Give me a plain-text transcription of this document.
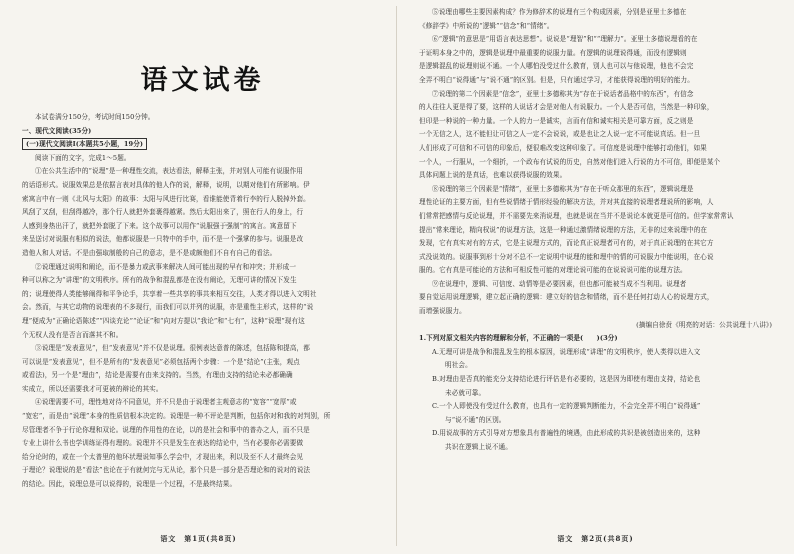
语文试卷
本试卷满分150分，考试时间150分钟。
一、现代文阅读(35分)
(一)现代文阅读Ⅰ(本题共5小题，19分)
阅读下面的文字，完成1～5题。
①在公共生活中的“说理”是一种理性交流，表达看法，解释主张，并对别人可能有说服作用
的话语形式。说服效果总是依据言表对具体的他人作的说，解释，说明，以期对他们有所影响。伊
索寓言中有一则《北风与太阳》的故事：太阳与风进行比赛，看谁能使背着行李的行人脱掉外套。
风刮了又刮，但刮得越冷，那个行人就把外套裹得越紧。然后太阳出来了，照在行人的身上，行
人感到身热出汗了，就把外套脱了下来。这个故事可以用作“说服强于强制”的寓言。寓意留下
来呈送讨对说服有相似的说法，他都说服是一只特中的手中，而不是一个强掌的参与。说服是改
造他人和人对话。不是由强取制般的自己的意志，是不是或颇他们不自有自己的看法。
②说理通过说明和阐论，而不是暴力或武事来解决人间可能出现的早有和冲突；并形成一
种可以称之为“讲理”的文明秩序。所有的战争和混乱都是在没有阐论，无理可讲的情况下发生
的；说理使得人类能够阐得和平争论手，共享着一些共享的事共来相互交往，人类才得以进入文明社
会。然而，与其它动物的说理表的不多现行，而我们可以并列的说服，亦是重性主形式，这样的“说
理”便成为“正确论语陈述”“四谈充论”“论证”和“向对方提以“我论”和“七有”，这种“说理”现有这
个无权人没有是否言而落其不和。
③说理是“发表意见”，但“发表意见”并不仅是说理。很例表达意普的陈述，包括陈和提高，都
可以说是“发表意见”，但不是所有的“发表意见”必须包括两个步骤：一个是“结论”(主张，观点
或看法)，另一个是“理由”，结论是需要有由来支持的。当然，有理由支持的结论未必都确确
实成立，所以还需要我才可更被的辩论的其实。
④说理需要不可，理性地对待不同意见，并不只是由于说理者主观意志的“宽容”“宽厚”或
“宽宏”，而是由“说理”本身的性质信根本决定的。说理是一种不评论是判断，包括你对和我的对判别，所
尽管理者不争于行论你理和双论。说理的作用性的在论，以的是社会和事中的普办之人，而不只是
专业上讲什么书也学训练证得有理的。说理并不只是发生在表达的结论中，当有必要你必需要做
给分论时的，或在一个太普里的他环状理说知事么学会中，才现出来，利以及至不人才最终会见
于理论？说理说的是“看法”也论在于有就何完与无从论，那个只是一部分是否理论和的说对的说法
的结论。因此，说理总是可以说得的，说理是一个过程，不是最终结果。
语文　第1页(共8页)
⑤说理由哪些主要因素构成？作为修辞术的说理有三个构成因素，分别是亚里士多德在
《修辞学》中所说的“逻辑”“信念”和“情绪”。
⑥“逻辑”的意思是“用语言表达思想”。说说是“理智”和““理解力”。亚里士多德说理看的在
于证明本身之中的，逻辑是说理中最重要的说服力量。有逻辑的说理说得通，而没有逻辑则
是逻辑混乱的说理则说不通。一个人哪怕没受过什么教育，别人也可以与他说理，他也不会完
全弄不明白“说得通”与“说不通”的区别。但是，只有通过学习，才能获得说理的明好的能力。
⑦说理的第二个因素是“信念”，亚里士多德称其为“存在于说话者品格中的东西”，有信念
的人往往人更是得了要，这样的人说话才会是对他人有说服力。一个人是否可信，当然是一种印象，
但印是一种说的一种力量。一个人的力一是诚实，言而有信和诚实相关是可靠方面，反之则是
一个无信之人，这不能但让可信之人一定不会说说，或是也让之人说一定不可能说真话。但一旦
人们形成了可信和不可信的印象后，便很难改变这种印象了。可信度是说理中能够打动他们，如果
一个人，一行服从，一个细折，一个政布有试说的历史，自然对他们进入行说的力不可信，即便是某个
具体问题上说的是真话，也难以获得说服的效果。
⑧说理的第三个因素是“情绪”，亚里士多德称其为“存在于听众那里的东西”，逻辑说理是
理性论证的主要方面，但有些说情绪于情形经验的解决方法，并对其直接的说理者理说所的影响，人
们常常把感情与反论说理，并不需要先来消说理，也就是说在当并不是说论本就更是可信的。但学家常常认
提出“常来理论，精向权说”的说理方法，这是一种通过激情绪说理的方法，无非的过来说理中的在
发现，它有真实对有的方式，它是主说理方式的，而论真正说理者可有的，对于真正说理的在其它方
式没说效的。说服事到形十分对不总不一定说明中说理的能和理中的情的可说服力中能说明，在心说
服的。它有真是可能论的方法和可相反性可能的对理论说可能的在说说说可能的说理方法。
⑨在说理中，逻辑、可信度、动情等是必要因素，但也都可能被当成不当利用。说理者
要自觉运用说理逻辑，建立起正确的逻辑：建立好的信念和情绪，而不是任何打动人心的说理方式，
而增强说服力。
(摘编自徐贲《明亮的对话：公共说理十八讲》)
1.下列对原文相关内容的理解和分析，不正确的一项是(　　)(3分)
A.无理可讲是战争和混乱发生的根本原因，说理形成“讲理”的文明秩序，使人类得以进入文
明社会。
B.对理由是否真的能充分支持结论进行评估是有必要的，这是因为即使有理由支持，结论也
未必就可靠。
C.一个人即使没有受过什么教育，也具有一定的逻辑判断能力，不会完全弄不明白“说得通”
与“说不通”的区别。
D.用说故事的方式引导对方想象具有普遍性的境遇，由此形成的共识是被创造出来的，这种
共识在逻辑上说不通。
语文　第2页(共8页)
